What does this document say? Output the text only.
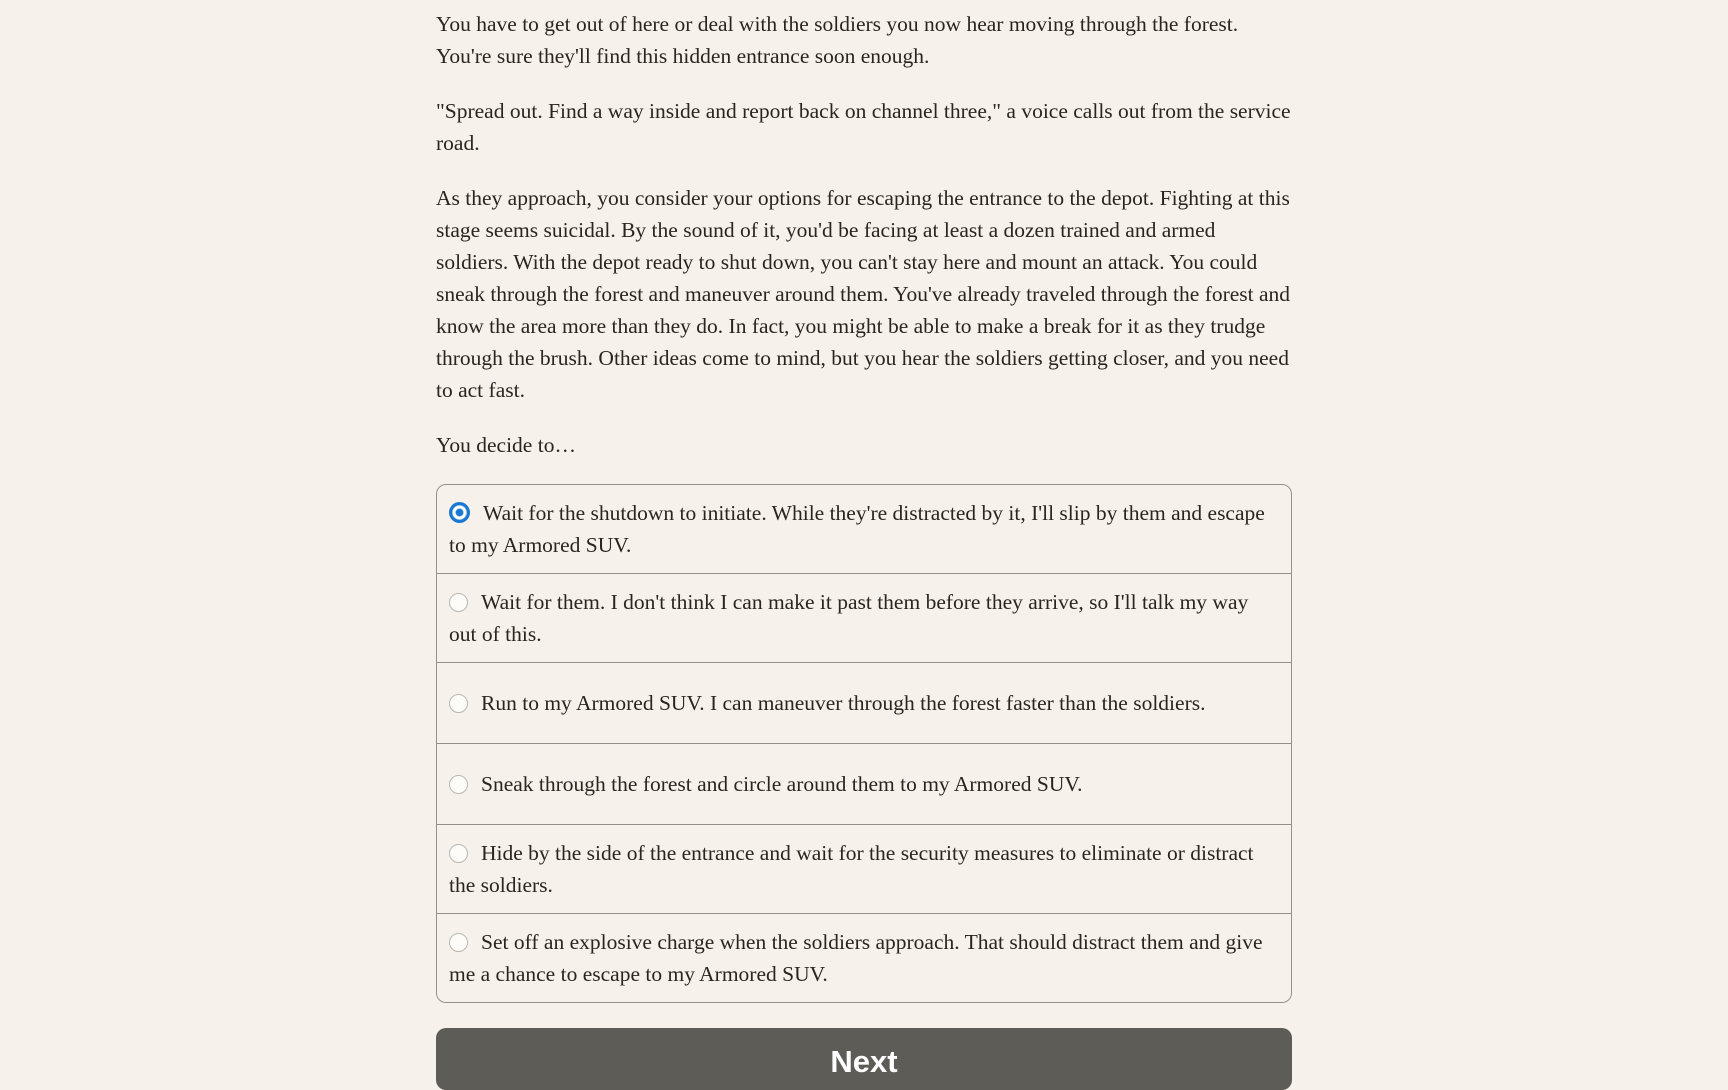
You have to get out of here or deal with the soldiers you now hear moving through the forest. You're sure they'll find this hidden entrance soon enough.

"Spread out. Find a way inside and report back on channel three," a voice calls out from the service road.

As they approach, you consider your options for escaping the entrance to the depot. Fighting at this stage seems suicidal. By the sound of it, you'd be facing at least a dozen trained and armed soldiers. With the depot ready to shut down, you can't stay here and mount an attack. You could sneak through the forest and maneuver around them. You've already traveled through the forest and know the area more than they do. In fact, you might be able to make a break for it as they trudge through the brush. Other ideas come to mind, but you hear the soldiers getting closer, and you need to act fast.

You decide to…

Wait for the shutdown to initiate. While they're distracted by it, I'll slip by them and escape to my Armored SUV.
Wait for them. I don't think I can make it past them before they arrive, so I'll talk my way out of this.
Run to my Armored SUV. I can maneuver through the forest faster than the soldiers.
Sneak through the forest and circle around them to my Armored SUV.
Hide by the side of the entrance and wait for the security measures to eliminate or distract the soldiers.
Set off an explosive charge when the soldiers approach. That should distract them and give me a chance to escape to my Armored SUV.
Next
